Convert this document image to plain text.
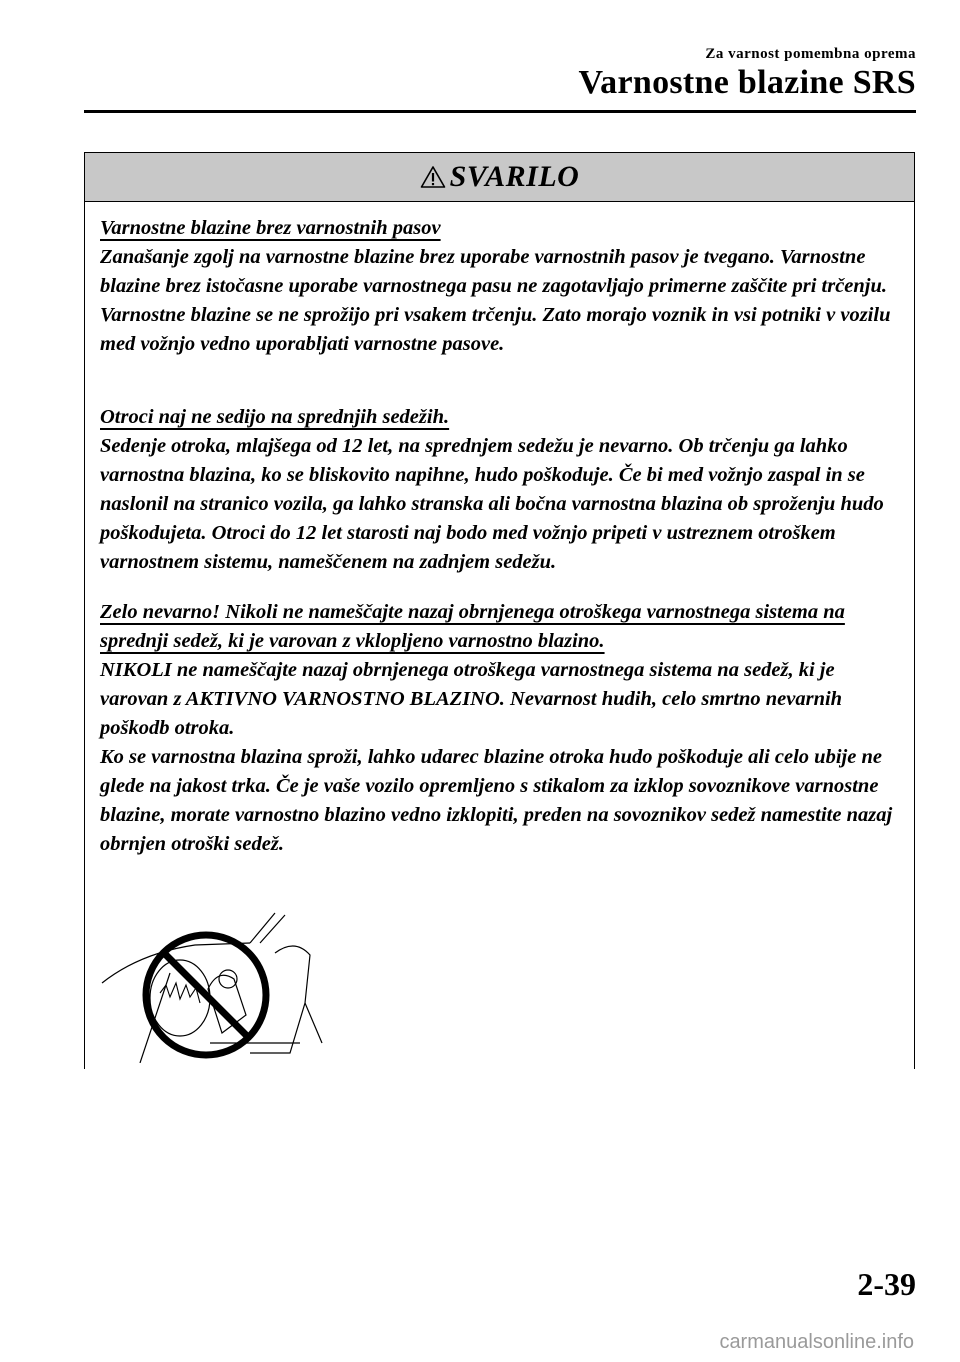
Za varnost pomembna oprema

Varnostne blazine SRS

SVARILO
Varnostne blazine brez varnostnih pasov
Zanašanje zgolj na varnostne blazine brez uporabe varnostnih pasov je tvegano. Varnostne blazine brez istočasne uporabe varnostnega pasu ne zagotavljajo primerne zaščite pri trčenju. Varnostne blazine se ne sprožijo pri vsakem trčenju. Zato morajo voznik in vsi potniki v vozilu med vožnjo vedno uporabljati varnostne pasove.
Otroci naj ne sedijo na sprednjih sedežih.
Sedenje otroka, mlajšega od 12 let, na sprednjem sedežu je nevarno. Ob trčenju ga lahko varnostna blazina, ko se bliskovito napihne, hudo poškoduje. Če bi med vožnjo zaspal in se naslonil na stranico vozila, ga lahko stranska ali bočna varnostna blazina ob sproženju hudo poškodujeta. Otroci do 12 let starosti naj bodo med vožnjo pripeti v ustreznem otroškem varnostnem sistemu, nameščenem na zadnjem sedežu.
Zelo nevarno! Nikoli ne nameščajte nazaj obrnjenega otroškega varnostnega sistema na sprednji sedež, ki je varovan z vklopljeno varnostno blazino.
NIKOLI ne nameščajte nazaj obrnjenega otroškega varnostnega sistema na sedež, ki je varovan z AKTIVNO VARNOSTNO BLAZINO. Nevarnost hudih, celo smrtno nevarnih poškodb otroka.
Ko se varnostna blazina sproži, lahko udarec blazine otroka hudo poškoduje ali celo ubije ne glede na jakost trka. Če je vaše vozilo opremljeno s stikalom za izklop sovoznikove varnostne blazine, morate varnostno blazino vedno izklopiti, preden na sovoznikov sedež namestite nazaj obrnjen otroški sedež.
2-39
carmanualsonline.info
